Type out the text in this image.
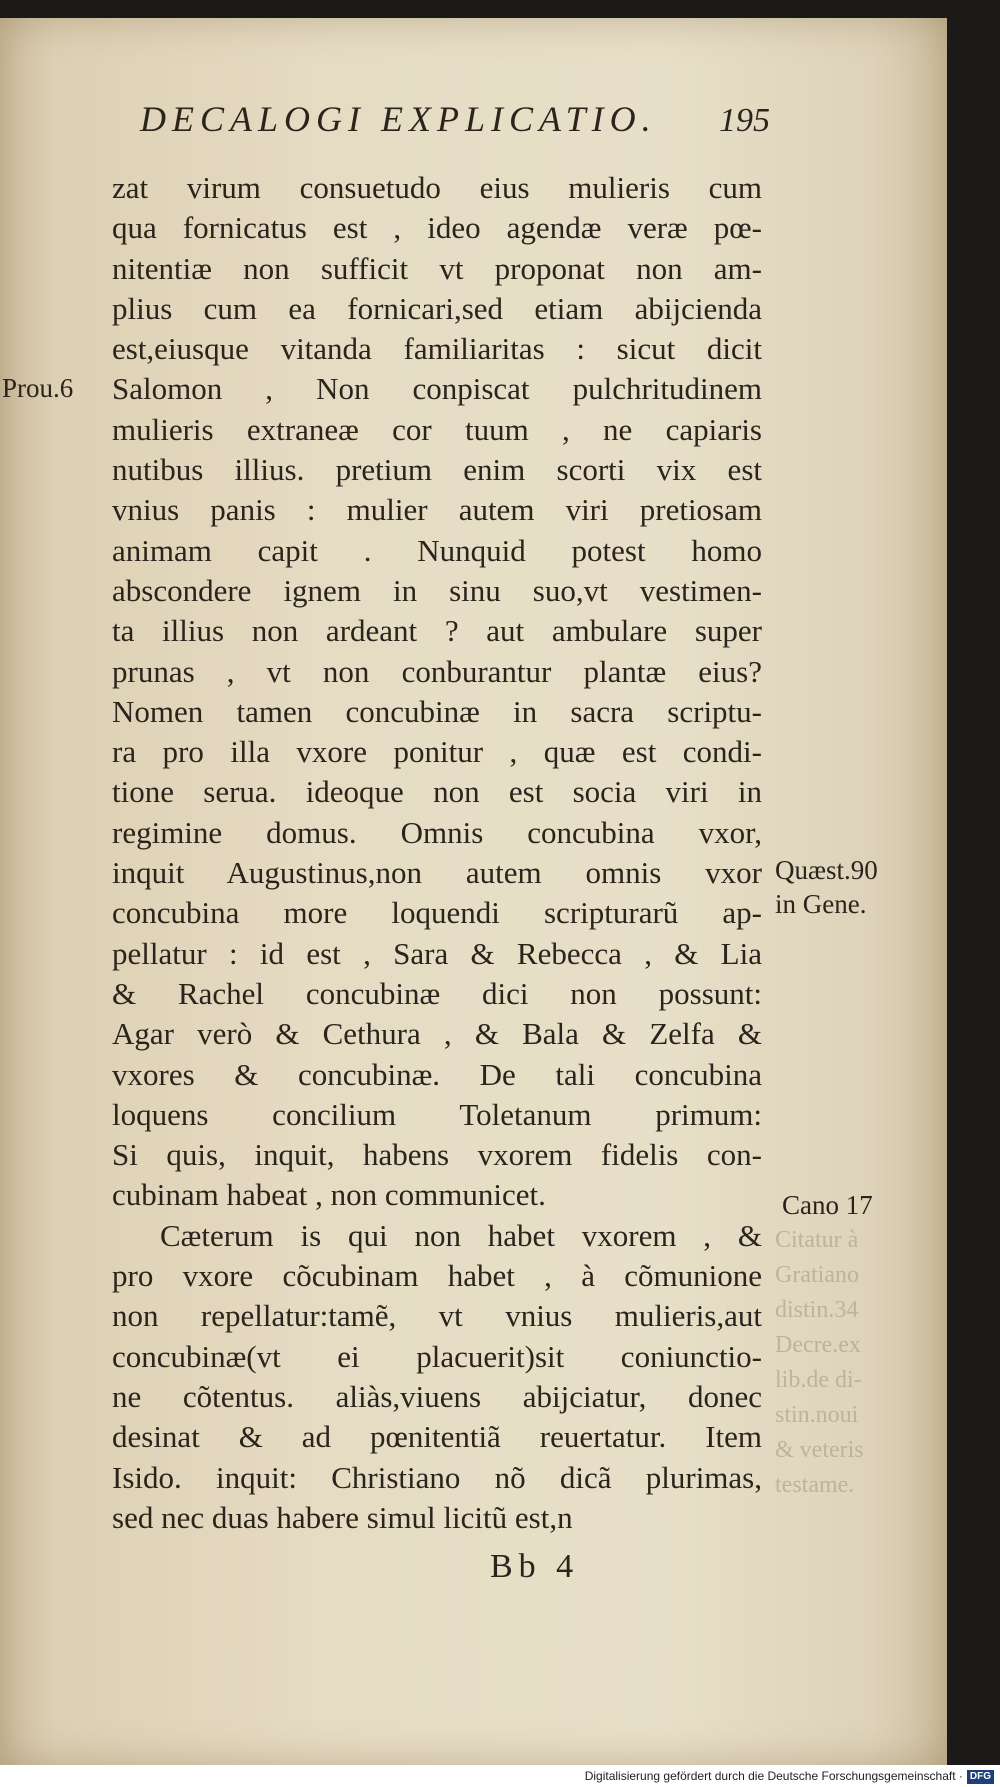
DECALOGI EXPLICATIO. 195
Prou.6
Quæst.90
in Gene.
Cano 17
Citatur à
Gratiano
distin.34
Decre.ex
lib.de di-
stin.noui
& veteris
testame.
zat virum consuetudo eius mulieris cum
qua fornicatus est , ideo agendæ veræ pœ-
nitentiæ non sufficit vt proponat non am-
plius cum ea fornicari,sed etiam abijcienda
est,eiusque vitanda familiaritas : sicut dicit
Salomon , Non conpiscat pulchritudinem
mulieris extraneæ cor tuum , ne capiaris
nutibus illius. pretium enim scorti vix est
vnius panis : mulier autem viri pretiosam
animam capit . Nunquid potest homo
abscondere ignem in sinu suo,vt vestimen-
ta illius non ardeant ? aut ambulare super
prunas , vt non conburantur plantæ eius?
Nomen tamen concubinæ in sacra scriptu-
ra pro illa vxore ponitur , quæ est condi-
tione serua. ideoque non est socia viri in
regimine domus. Omnis concubina vxor,
inquit Augustinus,non autem omnis vxor
concubina more loquendi scripturarũ ap-
pellatur : id est , Sara & Rebecca , & Lia
& Rachel concubinæ dici non possunt:
Agar verò & Cethura , & Bala & Zelfa &
vxores & concubinæ. De tali concubina
loquens concilium Toletanum primum:
Si quis, inquit, habens vxorem fidelis con-
cubinam habeat , non communicet.
Cæterum is qui non habet vxorem , &
pro vxore cõcubinam habet , à cõmunione
non repellatur:tamẽ, vt vnius mulieris,aut
concubinæ(vt ei placuerit)sit coniunctio-
ne cõtentus. aliàs,viuens abijciatur, donec
desinat & ad pœnitentiã reuertatur. Item
Isido. inquit: Christiano nõ dicã plurimas,
sed nec duas habere simul licitũ est,n
Bb 4
Digitalisierung gefördert durch die Deutsche Forschungsgemeinschaft · DFG
